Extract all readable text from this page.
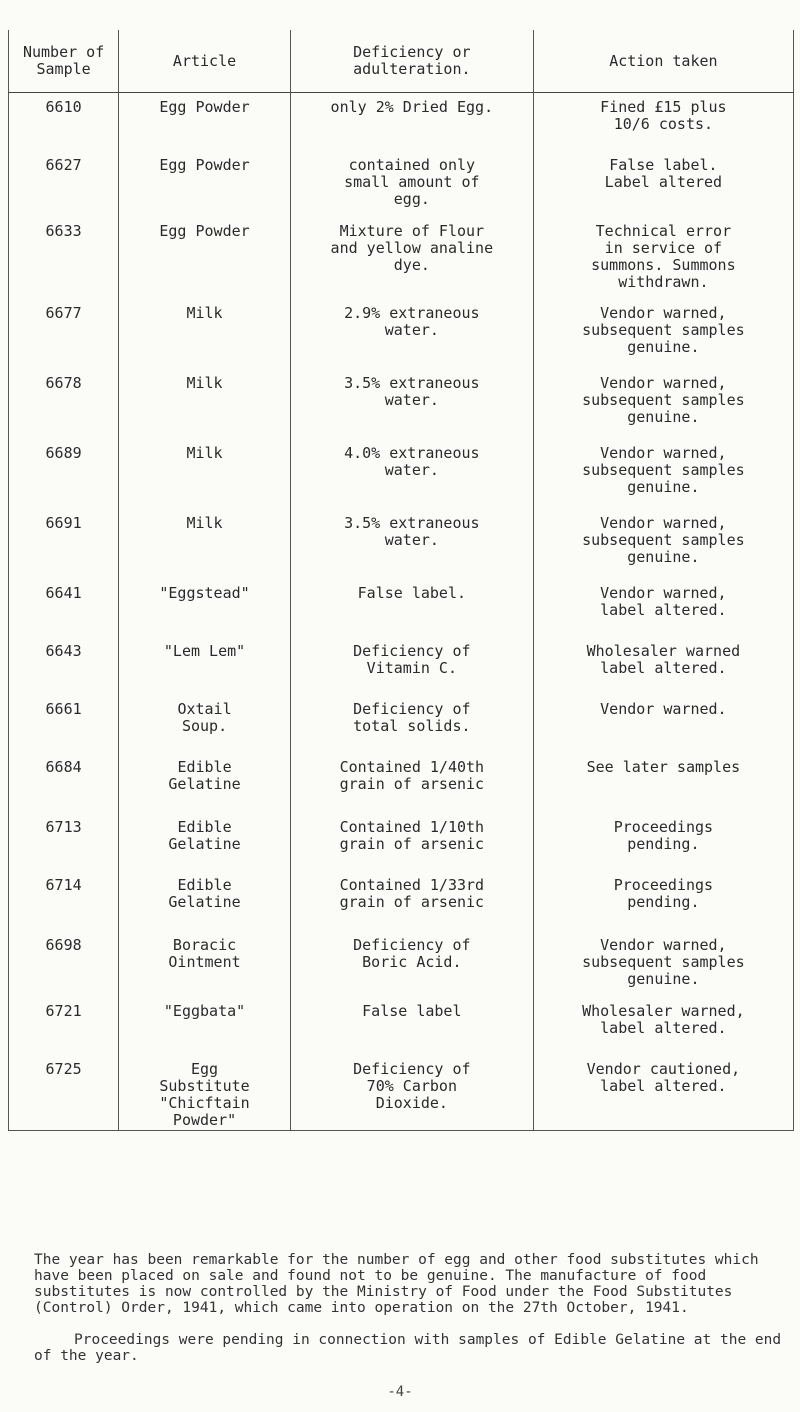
Number of
Sample	Article	Deficiency or
adulteration.	Action taken
6610	Egg Powder	only 2% Dried Egg.	Fined £15 plus
10/6 costs.
6627	Egg Powder	contained only
small amount of
egg.	False label.
Label altered
6633	Egg Powder	Mixture of Flour
and yellow analine
dye.	Technical error
in service of
summons. Summons
withdrawn.
6677	Milk	2.9% extraneous
water.	Vendor warned,
subsequent samples
genuine.
6678	Milk	3.5% extraneous
water.	Vendor warned,
subsequent samples
genuine.
6689	Milk	4.0% extraneous
water.	Vendor warned,
subsequent samples
genuine.
6691	Milk	3.5% extraneous
water.	Vendor warned,
subsequent samples
genuine.
6641	"Eggstead"	False label.	Vendor warned,
label altered.
6643	"Lem Lem"	Deficiency of
Vitamin C.	Wholesaler warned
label altered.
6661	Oxtail
Soup.	Deficiency of
total solids.	Vendor warned.
6684	Edible
Gelatine	Contained 1/40th
grain of arsenic	See later samples
6713	Edible
Gelatine	Contained 1/10th
grain of arsenic	Proceedings
pending.
6714	Edible
Gelatine	Contained 1/33rd
grain of arsenic	Proceedings
pending.
6698	Boracic
Ointment	Deficiency of
Boric Acid.	Vendor warned,
subsequent samples
genuine.
6721	"Eggbata"	False label	Wholesaler warned,
label altered.
6725	Egg
Substitute
"Chicftain
Powder"	Deficiency of
70% Carbon
Dioxide.	Vendor cautioned,
label altered.

The year has been remarkable for the number of egg and other food substitutes which have been placed on sale and found not to be genuine. The manufacture of food substitutes is now controlled by the Ministry of Food under the Food Substitutes (Control) Order, 1941, which came into operation on the 27th October, 1941.

Proceedings were pending in connection with samples of Edible Gelatine at the end of the year.

-4-
